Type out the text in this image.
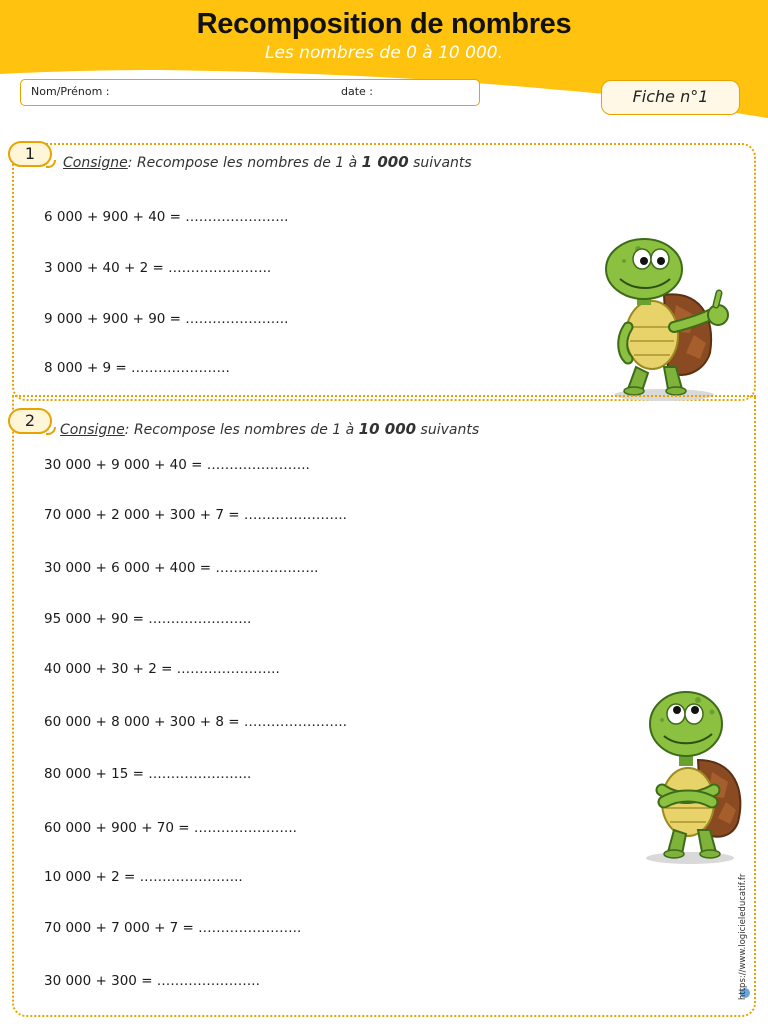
Recomposition de nombres
Les nombres de 0 à 10 000.
Nom/Prénom :	date :	Fiche n°1
1	Consigne: Recompose les nombres de 1 à 1 000 suivants
6 000 + 900 + 40 = …………………..
3 000 + 40 + 2 = …………………..
9 000 + 900 + 90 = …………………..
8 000 + 9 = ………………….
2	Consigne: Recompose les nombres de 1 à 10 000 suivants
30 000 + 9 000 + 40 = …………………..
70 000 + 2 000 + 300 + 7 = …………………..
30 000 + 6 000 + 400 = …………………..
95 000 + 90 = …………………..
40 000 + 30 + 2 = …………………..
60 000 + 8 000 + 300 + 8 = …………………..
80 000 + 15 = …………………..
60 000 + 900 + 70 = …………………..
10 000 + 2 = …………………..
70 000 + 7 000 + 7 = …………………..
30 000 + 300 = …………………..	https://www.logicieleducatif.fr
